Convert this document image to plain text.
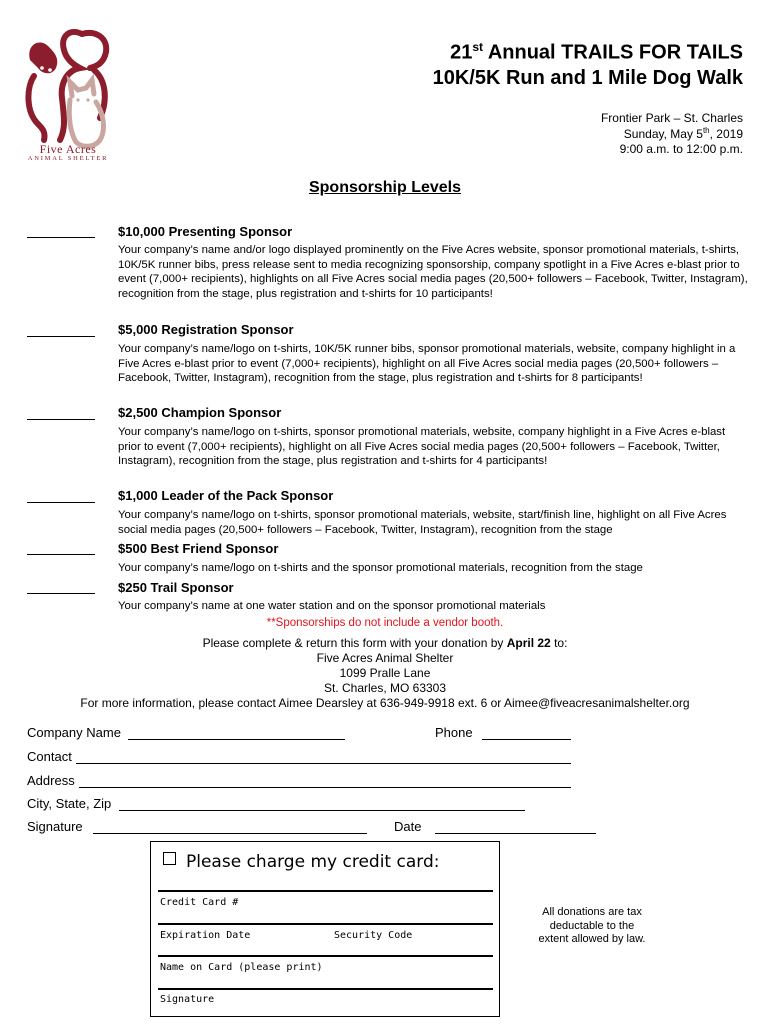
Five Acres
ANIMAL SHELTER
21st Annual TRAILS FOR TAILS
10K/5K Run and 1 Mile Dog Walk
Frontier Park – St. Charles
Sunday, May 5th, 2019
9:00 a.m. to 12:00 p.m.
Sponsorship Levels
$10,000 Presenting Sponsor
Your company’s name and/or logo displayed prominently on the Five Acres website, sponsor promotional materials, t-shirts, 10K/5K runner bibs, press release sent to media recognizing sponsorship, company spotlight in a Five Acres e-blast prior to event (7,000+ recipients), highlights on all Five Acres social media pages (20,500+ followers – Facebook, Twitter, Instagram), recognition from the stage, plus registration and t-shirts for 10 participants!
$5,000 Registration Sponsor
Your company’s name/logo on t-shirts, 10K/5K runner bibs, sponsor promotional materials, website, company highlight in a Five Acres e-blast prior to event (7,000+ recipients), highlight on all Five Acres social media pages (20,500+ followers – Facebook, Twitter, Instagram), recognition from the stage, plus registration and t-shirts for 8 participants!
$2,500 Champion Sponsor
Your company’s name/logo on t-shirts, sponsor promotional materials, website, company highlight in a Five Acres e-blast prior to event (7,000+ recipients), highlight on all Five Acres social media pages (20,500+ followers – Facebook, Twitter, Instagram), recognition from the stage, plus registration and t-shirts for 4 participants!
$1,000 Leader of the Pack Sponsor
Your company’s name/logo on t-shirts, sponsor promotional materials, website, start/finish line, highlight on all Five Acres social media pages (20,500+ followers – Facebook, Twitter, Instagram), recognition from the stage
$500 Best Friend Sponsor
Your company’s name/logo on t-shirts and the sponsor promotional materials, recognition from the stage
$250 Trail Sponsor
Your company’s name at one water station and on the sponsor promotional materials
**Sponsorships do not include a vendor booth.
Please complete & return this form with your donation by April 22 to:
Five Acres Animal Shelter
1099 Pralle Lane
St. Charles, MO 63303
For more information, please contact Aimee Dearsley at 636-949-9918 ext. 6 or Aimee@fiveacresanimalshelter.org
Company Name	Phone
Contact
Address
City, State, Zip
Signature	Date
Please charge my credit card:
Credit Card #
Expiration Date	Security Code
Name on Card (please print)
Signature
All donations are tax deductable to the extent allowed by law.
